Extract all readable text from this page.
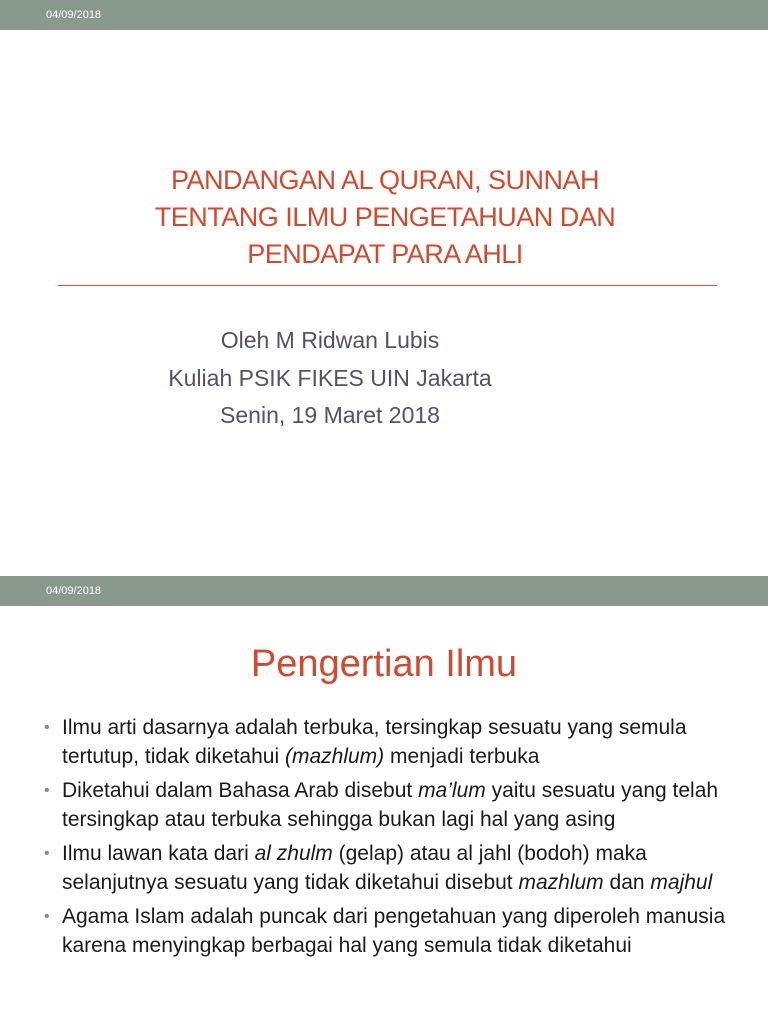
04/09/2018
PANDANGAN AL QURAN, SUNNAH
TENTANG ILMU PENGETAHUAN DAN
PENDAPAT PARA AHLI
Oleh M Ridwan Lubis
Kuliah PSIK FIKES UIN Jakarta
Senin, 19 Maret 2018
04/09/2018
Pengertian Ilmu
• Ilmu arti dasarnya adalah terbuka, tersingkap sesuatu yang semula tertutup, tidak diketahui (mazhlum) menjadi terbuka
• Diketahui dalam Bahasa Arab disebut ma’lum yaitu sesuatu yang telah tersingkap atau terbuka sehingga bukan lagi hal yang asing
• Ilmu lawan kata dari al zhulm (gelap) atau al jahl (bodoh) maka selanjutnya sesuatu yang tidak diketahui disebut mazhlum dan majhul
• Agama Islam adalah puncak dari pengetahuan yang diperoleh manusia karena menyingkap berbagai hal yang semula tidak diketahui
